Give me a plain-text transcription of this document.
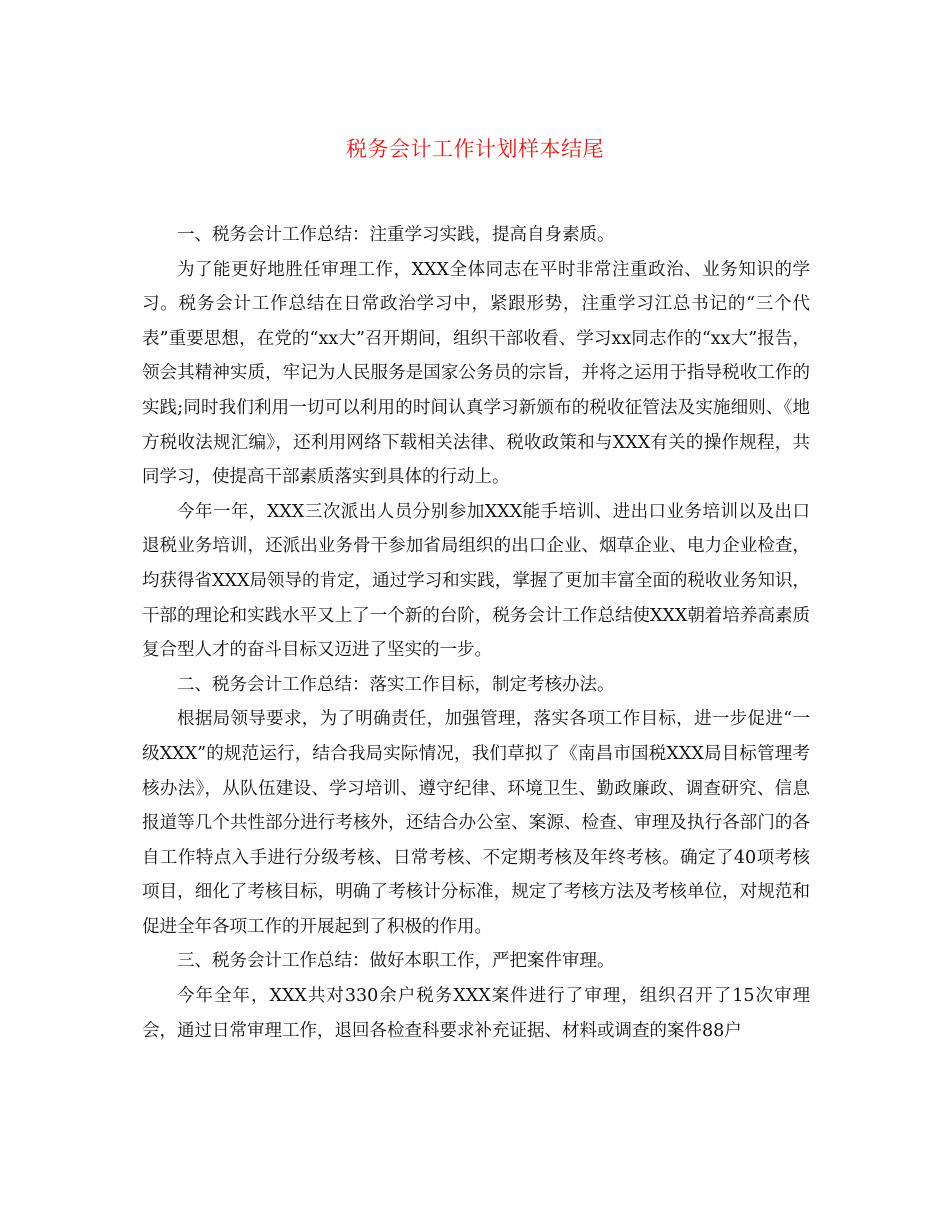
税务会计工作计划样本结尾

一、税务会计工作总结：注重学习实践，提高自身素质。

为了能更好地胜任审理工作，XXX全体同志在平时非常注重政治、业务知识的学习。税务会计工作总结在日常政治学习中，紧跟形势，注重学习江总书记的“三个代表”重要思想，在党的“xx大”召开期间，组织干部收看、学习xx同志作的“xx大”报告，领会其精神实质，牢记为人民服务是国家公务员的宗旨，并将之运用于指导税收工作的实践;同时我们利用一切可以利用的时间认真学习新颁布的税收征管法及实施细则、《地方税收法规汇编》，还利用网络下载相关法律、税收政策和与XXX有关的操作规程，共同学习，使提高干部素质落实到具体的行动上。

今年一年，XXX三次派出人员分别参加XXX能手培训、进出口业务培训以及出口退税业务培训，还派出业务骨干参加省局组织的出口企业、烟草企业、电力企业检查，均获得省XXX局领导的肯定，通过学习和实践，掌握了更加丰富全面的税收业务知识，干部的理论和实践水平又上了一个新的台阶，税务会计工作总结使XXX朝着培养高素质复合型人才的奋斗目标又迈进了坚实的一步。

二、税务会计工作总结：落实工作目标，制定考核办法。

根据局领导要求，为了明确责任，加强管理，落实各项工作目标，进一步促进“一级XXX”的规范运行，结合我局实际情况，我们草拟了《南昌市国税XXX局目标管理考核办法》，从队伍建设、学习培训、遵守纪律、环境卫生、勤政廉政、调查研究、信息报道等几个共性部分进行考核外，还结合办公室、案源、检查、审理及执行各部门的各自工作特点入手进行分级考核、日常考核、不定期考核及年终考核。确定了40项考核项目，细化了考核目标，明确了考核计分标准，规定了考核方法及考核单位，对规范和促进全年各项工作的开展起到了积极的作用。

三、税务会计工作总结：做好本职工作，严把案件审理。

今年全年，XXX共对330余户税务XXX案件进行了审理，组织召开了15次审理会，通过日常审理工作，退回各检查科要求补充证据、材料或调查的案件88户
